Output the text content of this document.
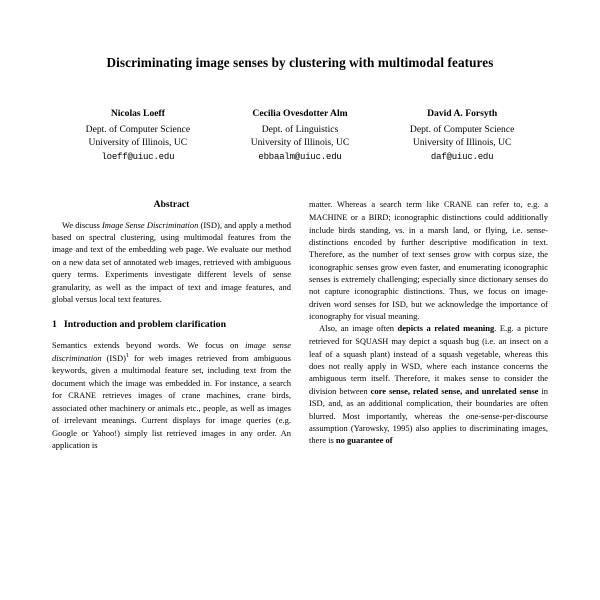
Discriminating image senses by clustering with multimodal features
Nicolas Loeff
Dept. of Computer Science
University of Illinois, UC
loeff@uiuc.edu
Cecilia Ovesdotter Alm
Dept. of Linguistics
University of Illinois, UC
ebbaalm@uiuc.edu
David A. Forsyth
Dept. of Computer Science
University of Illinois, UC
daf@uiuc.edu
Abstract

We discuss Image Sense Discrimination (ISD), and apply a method based on spectral clustering, using multimodal features from the image and text of the embedding web page. We evaluate our method on a new data set of annotated web images, retrieved with ambiguous query terms. Experiments investigate different levels of sense granularity, as well as the impact of text and image features, and global versus local text features.

1 Introduction and problem clarification

Semantics extends beyond words. We focus on image sense discrimination (ISD)$^1$ for web images retrieved from ambiguous keywords, given a multimodal feature set, including text from the document which the image was embedded in. For instance, a search for CRANE retrieves images of crane machines, crane birds, associated other machinery or animals etc., people, as well as images of irrelevant meanings. Current displays for image queries (e.g. Google or Yahoo!) simply list retrieved images in any order. An application is

matter. Whereas a search term like CRANE can refer to, e.g. a MACHINE or a BIRD; iconographic distinctions could additionally include birds standing, vs. in a marsh land, or flying, i.e. sense-distinctions encoded by further descriptive modification in text. Therefore, as the number of text senses grow with corpus size, the iconographic senses grow even faster, and enumerating iconographic senses is extremely challenging; especially since dictionary senses do not capture iconographic distinctions. Thus, we focus on image-driven word senses for ISD, but we acknowledge the importance of iconography for visual meaning.

Also, an image often depicts a related meaning. E.g. a picture retrieved for SQUASH may depict a squash bug (i.e. an insect on a leaf of a squash plant) instead of a squash vegetable, whereas this does not really apply in WSD, where each instance concerns the ambiguous term itself. Therefore, it makes sense to consider the division between core sense, related sense, and unrelated sense in ISD, and, as an additional complication, their boundaries are often blurred. Most importantly, whereas the one-sense-per-discourse assumption (Yarowsky, 1995) also applies to discriminating images, there is no guarantee of
